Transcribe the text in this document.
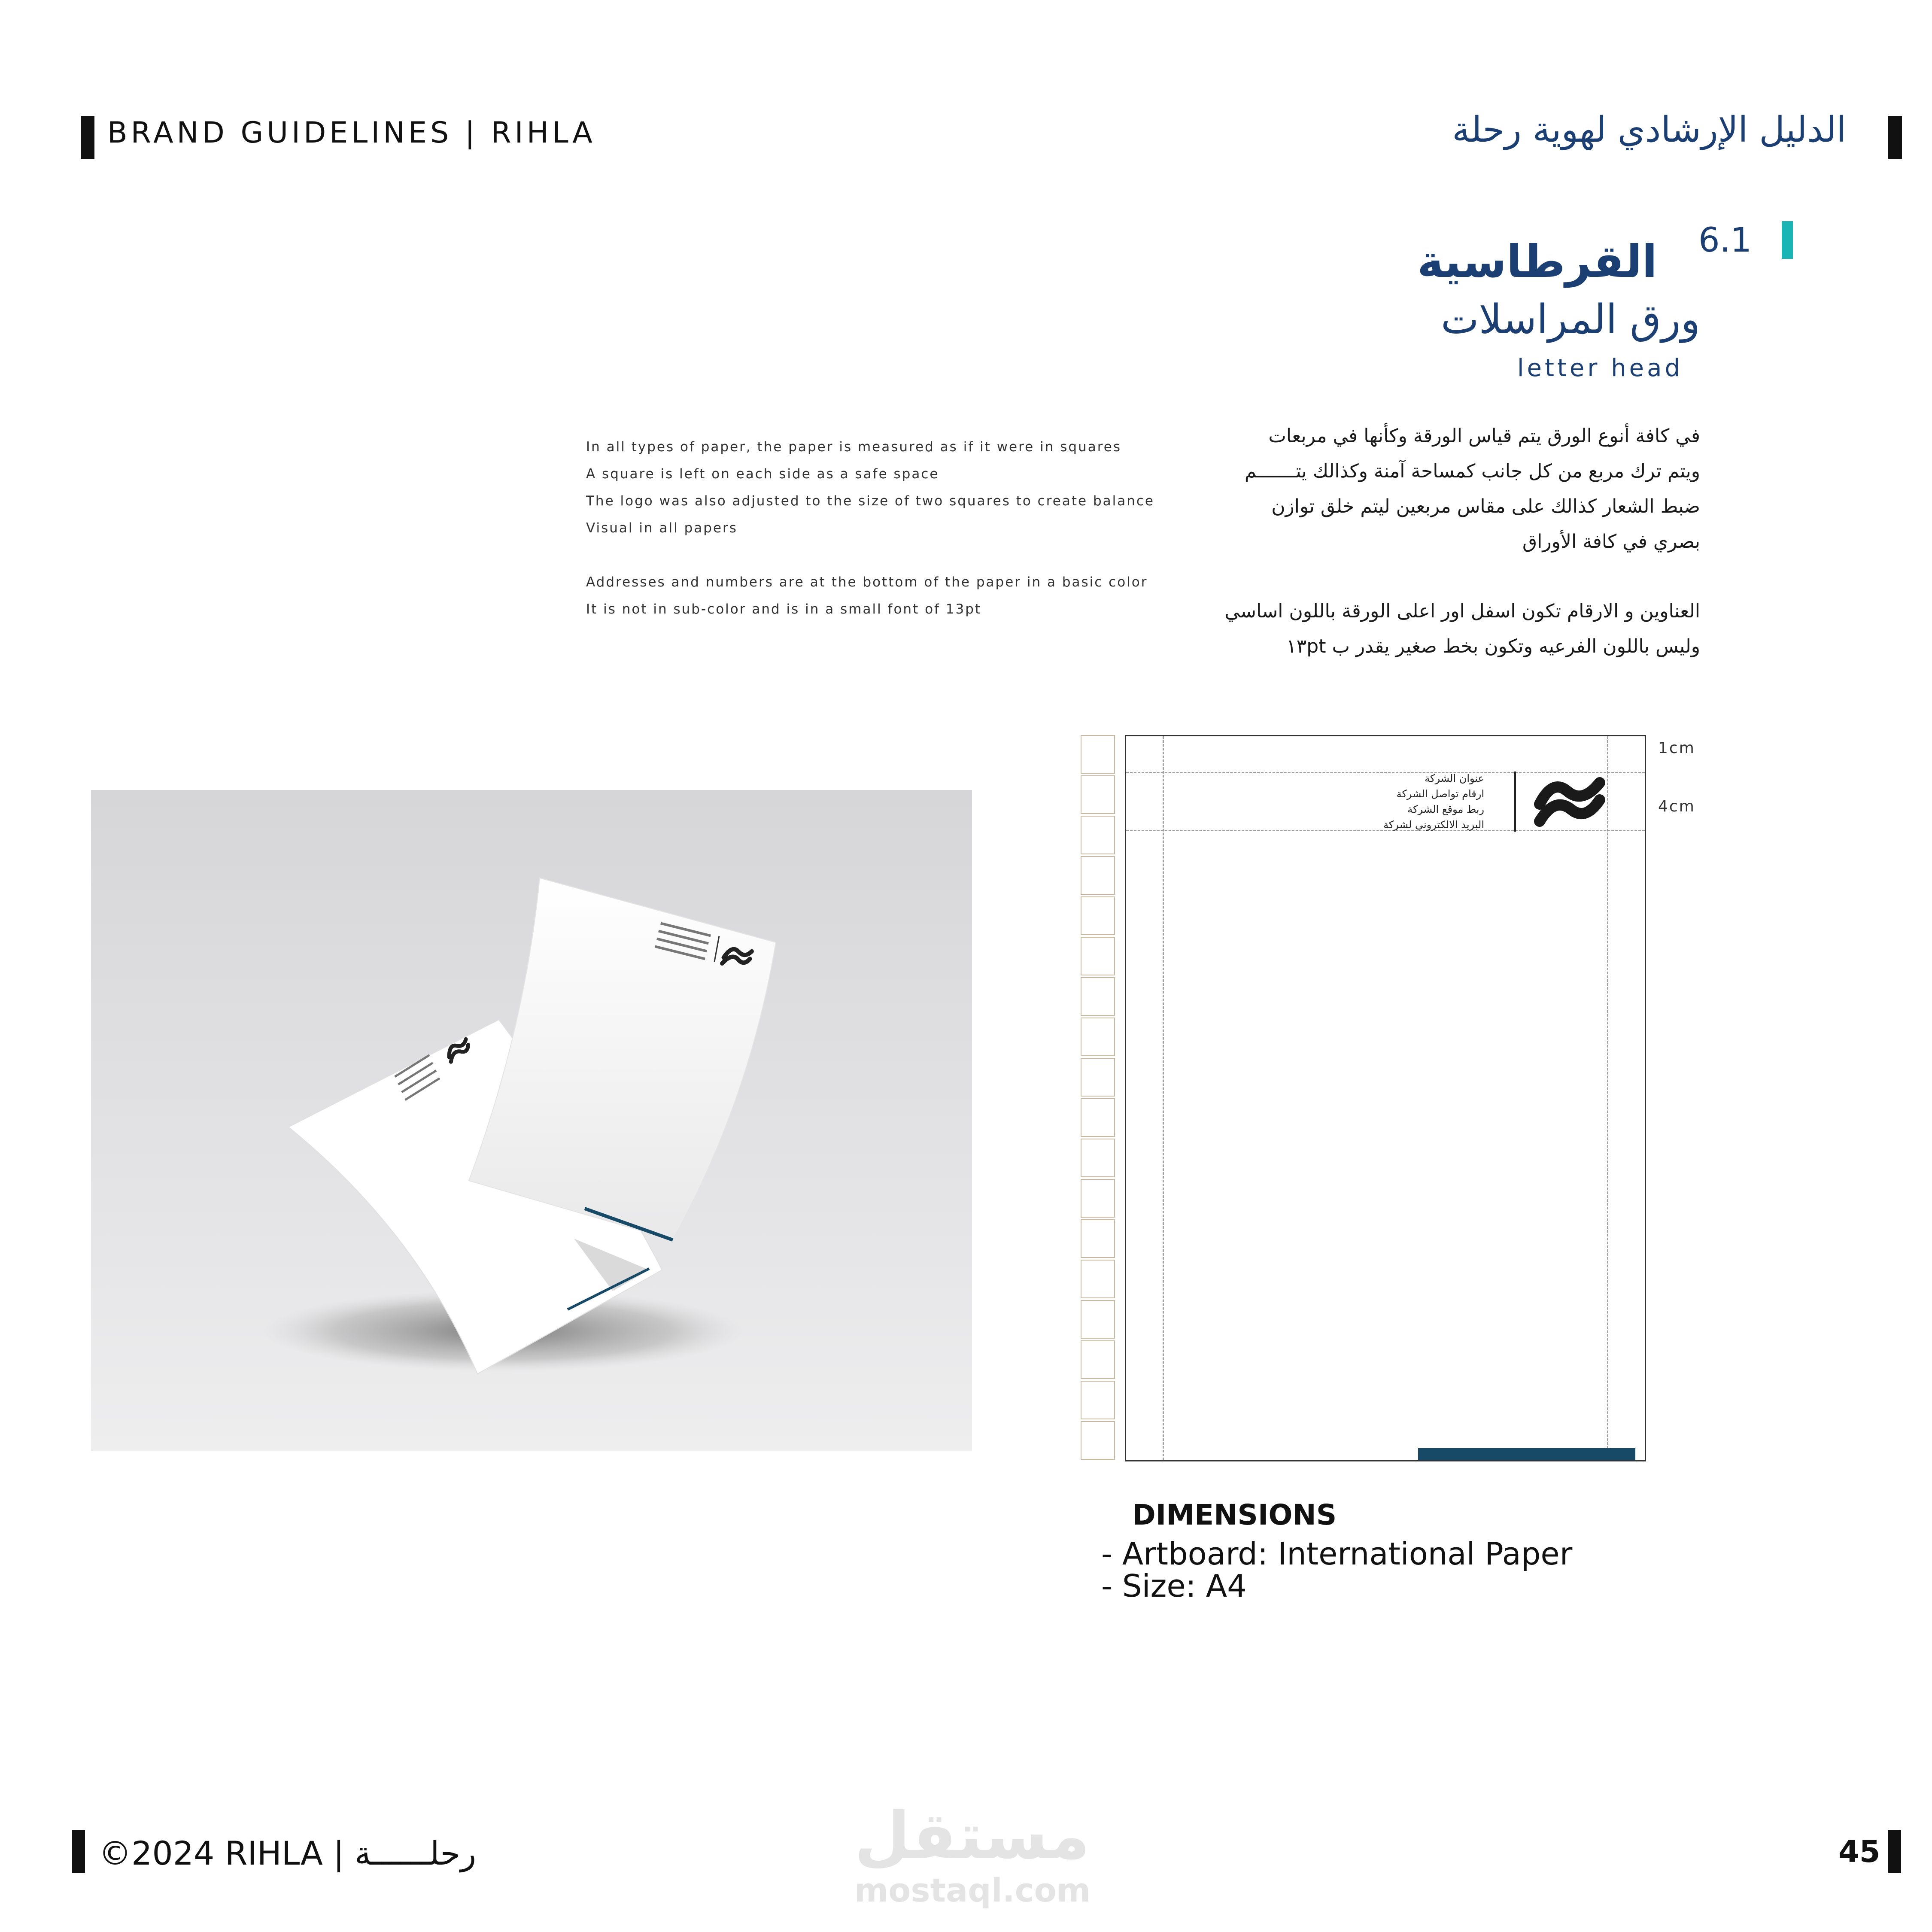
BRAND GUIDELINES | RIHLA	الدليل الإرشادي لهوية رحلة
6.1
القرطاسية
ورق المراسلات
letter head

في كافة أنوع الورق يتم قياس الورقة وكأنها في مربعات

ويتم ترك مربع من كل جانب كمساحة آمنة وكذالك يتـــــــم

ضبط الشعار كذالك على مقاس مربعين ليتم خلق توازن

بصري في كافة الأوراق

العناوين و الارقام تكون اسفل اور اعلى الورقة باللون اساسي

وليس باللون الفرعيه وتكون بخط صغير يقدر ب ١٣pt

In all types of paper, the paper is measured as if it were in squares

A square is left on each side as a safe space

The logo was also adjusted to the size of two squares to create balance

Visual in all papers

Addresses and numbers are at the bottom of the paper in a basic color

It is not in sub-color and is in a small font of 13pt

عنوان الشركة
ارقام تواصل الشركة
ربط موقع الشركة
البريد الالكتروني لشركة
1cm
4cm
DIMENSIONS
- Artboard: International Paper
- Size: A4
©2024 RIHLA | رحلــــــة	مستقل
mostaql.com
45
